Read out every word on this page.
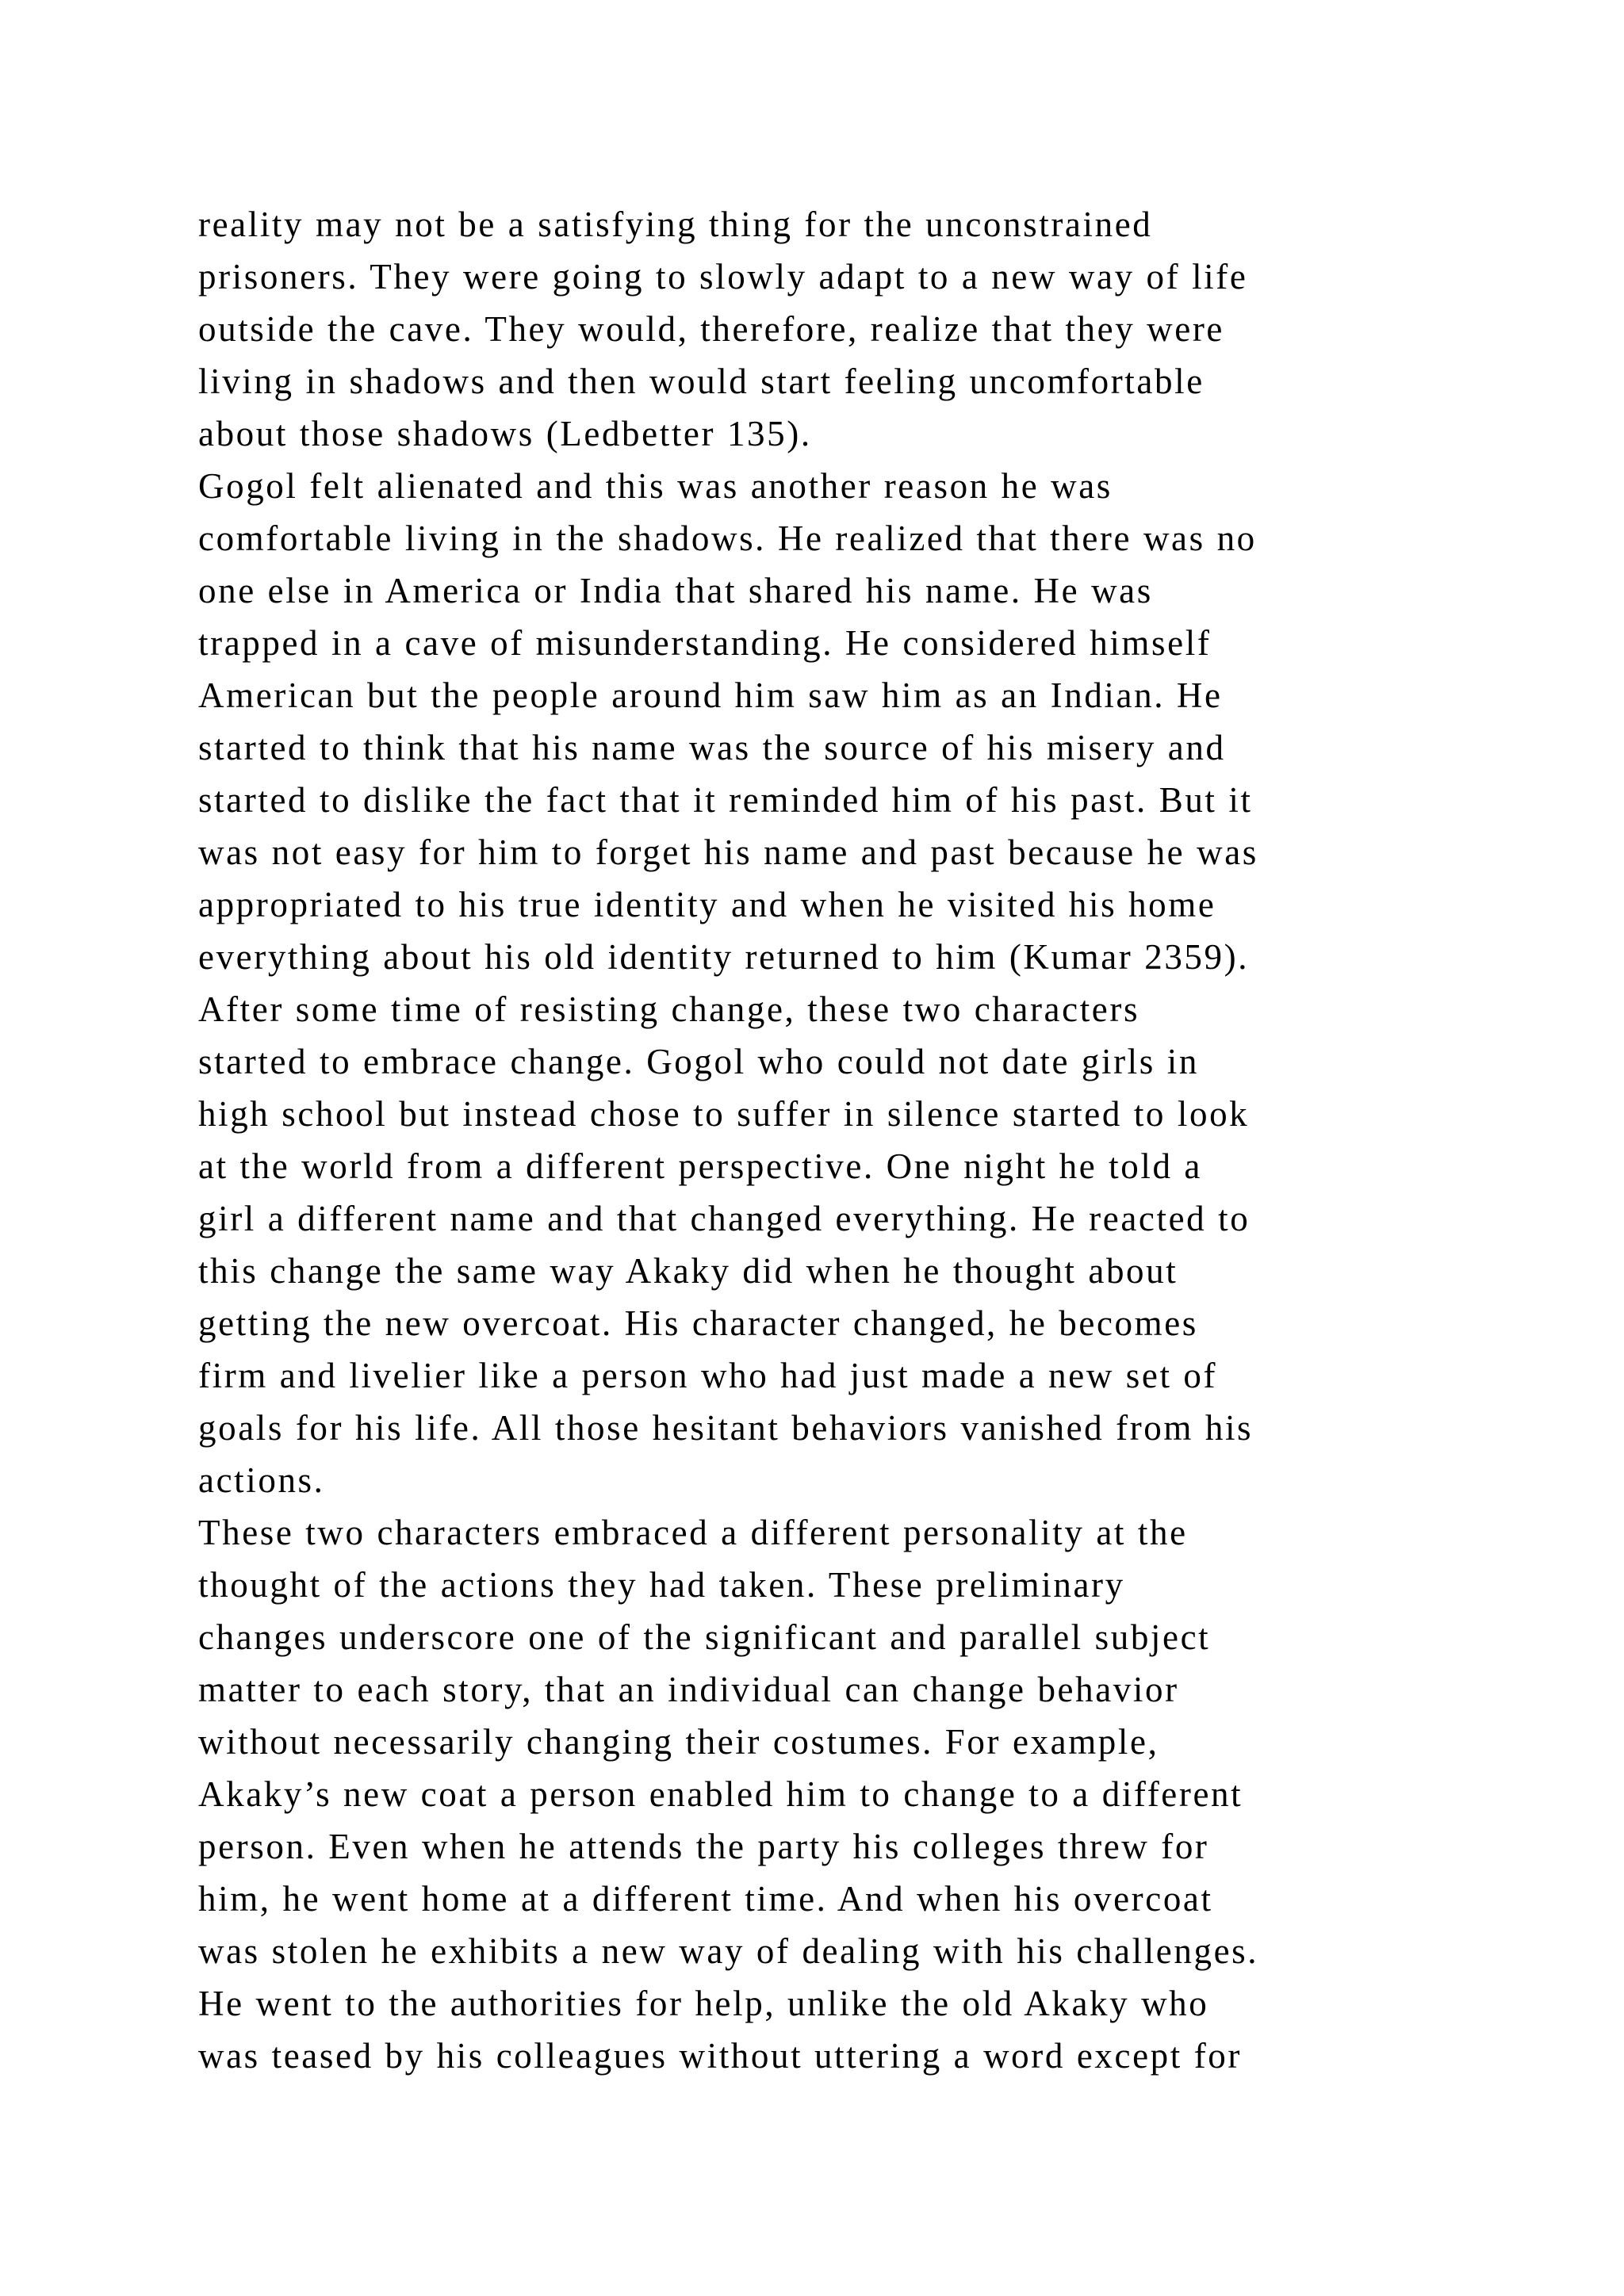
reality may not be a satisfying thing for the unconstrained
prisoners. They were going to slowly adapt to a new way of life
outside the cave. They would, therefore, realize that they were
living in shadows and then would start feeling uncomfortable
about those shadows (Ledbetter 135).
Gogol felt alienated and this was another reason he was
comfortable living in the shadows. He realized that there was no
one else in America or India that shared his name. He was
trapped in a cave of misunderstanding. He considered himself
American but the people around him saw him as an Indian. He
started to think that his name was the source of his misery and
started to dislike the fact that it reminded him of his past. But it
was not easy for him to forget his name and past because he was
appropriated to his true identity and when he visited his home
everything about his old identity returned to him (Kumar 2359).
After some time of resisting change, these two characters
started to embrace change. Gogol who could not date girls in
high school but instead chose to suffer in silence started to look
at the world from a different perspective. One night he told a
girl a different name and that changed everything. He reacted to
this change the same way Akaky did when he thought about
getting the new overcoat. His character changed, he becomes
firm and livelier like a person who had just made a new set of
goals for his life. All those hesitant behaviors vanished from his
actions.
These two characters embraced a different personality at the
thought of the actions they had taken. These preliminary
changes underscore one of the significant and parallel subject
matter to each story, that an individual can change behavior
without necessarily changing their costumes. For example,
Akaky’s new coat a person enabled him to change to a different
person. Even when he attends the party his colleges threw for
him, he went home at a different time. And when his overcoat
was stolen he exhibits a new way of dealing with his challenges.
He went to the authorities for help, unlike the old Akaky who
was teased by his colleagues without uttering a word except for
